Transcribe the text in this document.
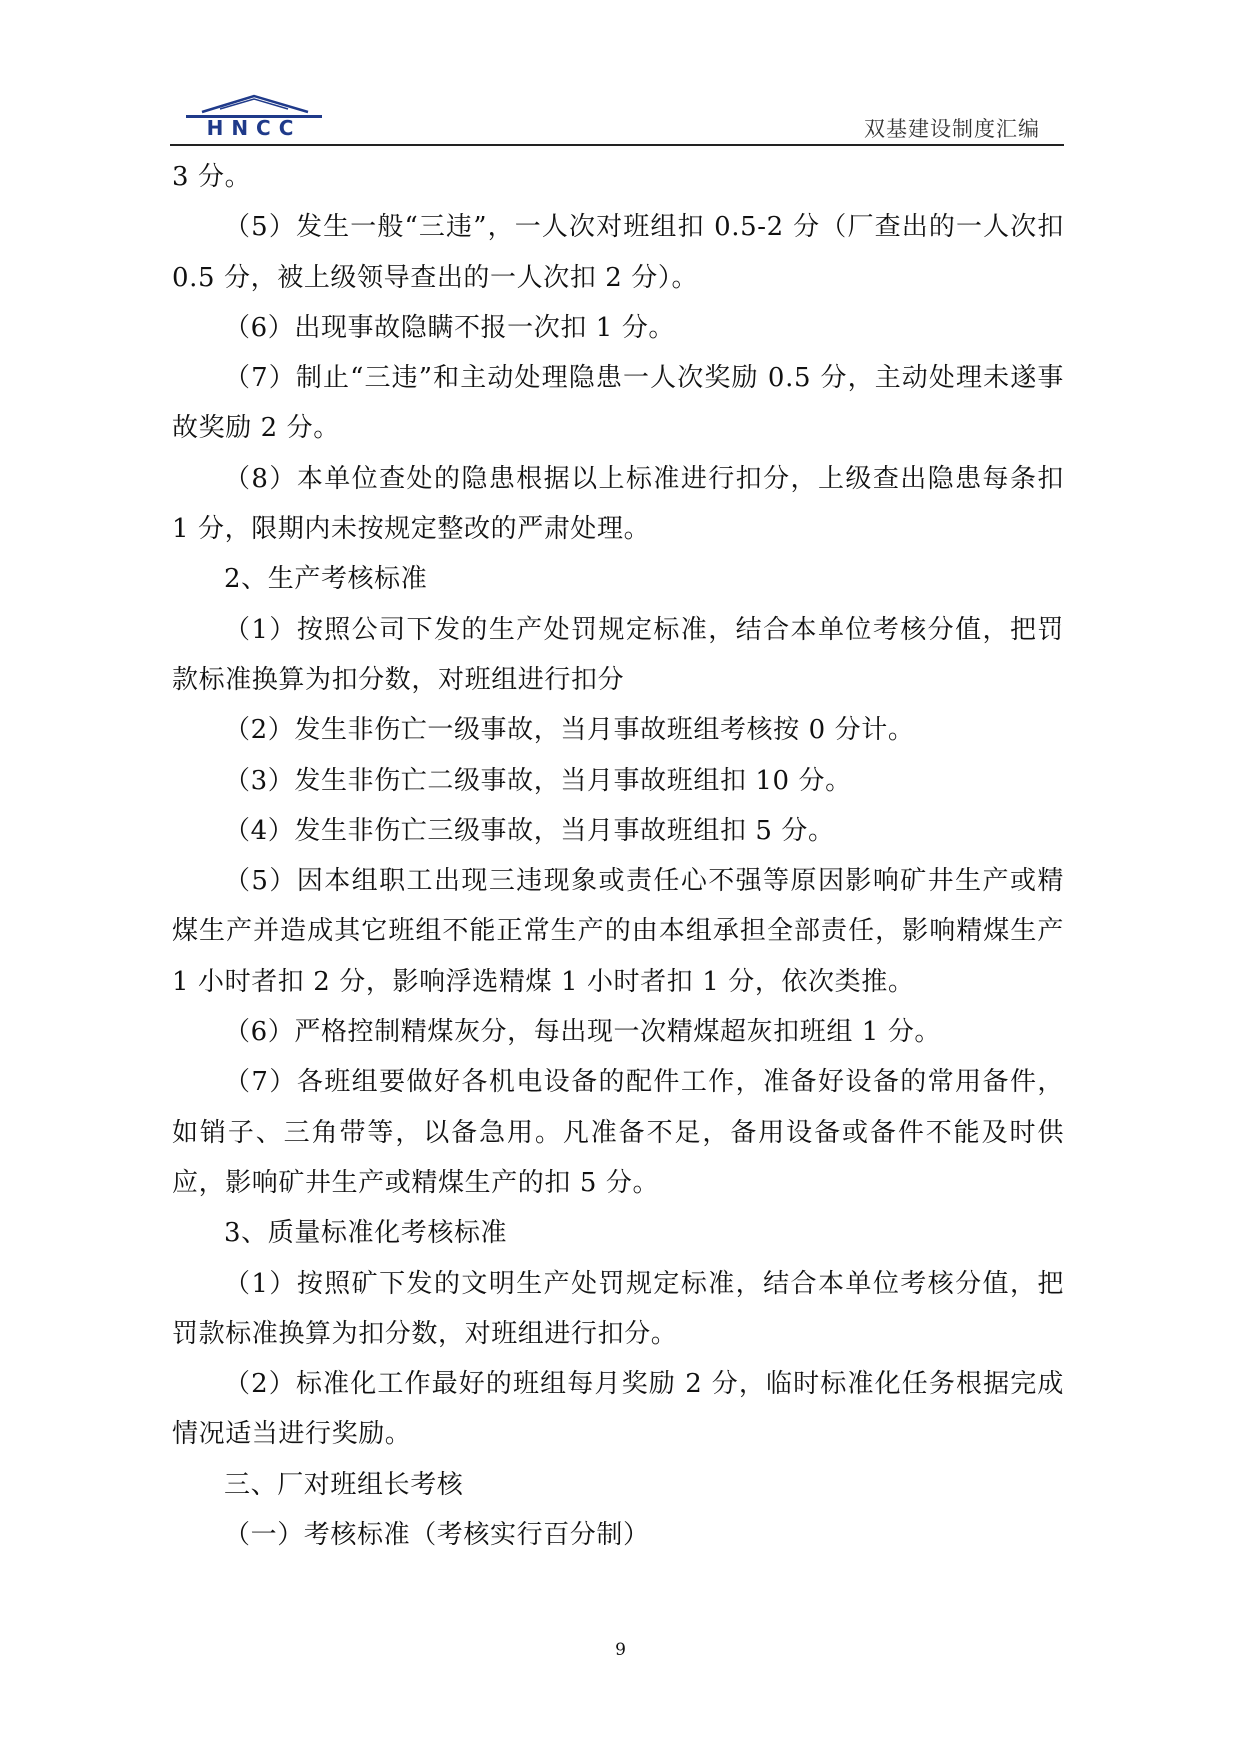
HNCC	双基建设制度汇编

3 分。

（5）发生一般“三违”，一人次对班组扣 0.5-2 分（厂查出的一人次扣 0.5 分，被上级领导查出的一人次扣 2 分）。

（6）出现事故隐瞒不报一次扣 1 分。

（7）制止“三违”和主动处理隐患一人次奖励 0.5 分，主动处理未遂事故奖励 2 分。

（8）本单位查处的隐患根据以上标准进行扣分，上级查出隐患每条扣 1 分，限期内未按规定整改的严肃处理。

2、生产考核标准

（1）按照公司下发的生产处罚规定标准，结合本单位考核分值，把罚款标准换算为扣分数，对班组进行扣分

（2）发生非伤亡一级事故，当月事故班组考核按 0 分计。

（3）发生非伤亡二级事故，当月事故班组扣 10 分。

（4）发生非伤亡三级事故，当月事故班组扣 5 分。

（5）因本组职工出现三违现象或责任心不强等原因影响矿井生产或精煤生产并造成其它班组不能正常生产的由本组承担全部责任，影响精煤生产 1 小时者扣 2 分，影响浮选精煤 1 小时者扣 1 分，依次类推。

（6）严格控制精煤灰分，每出现一次精煤超灰扣班组 1 分。

（7）各班组要做好各机电设备的配件工作，准备好设备的常用备件，如销子、三角带等，以备急用。凡准备不足，备用设备或备件不能及时供应，影响矿井生产或精煤生产的扣 5 分。

3、质量标准化考核标准

（1）按照矿下发的文明生产处罚规定标准，结合本单位考核分值，把罚款标准换算为扣分数，对班组进行扣分。

（2）标准化工作最好的班组每月奖励 2 分，临时标准化任务根据完成情况适当进行奖励。

三、厂对班组长考核

（一）考核标准（考核实行百分制）

9
